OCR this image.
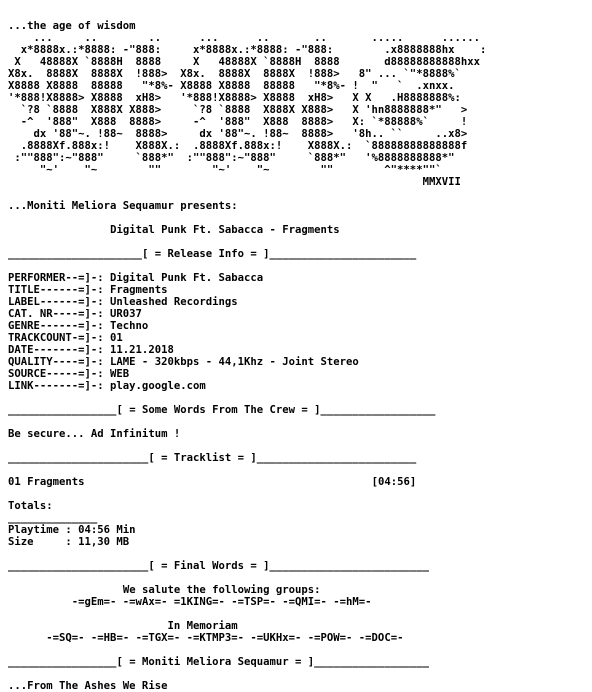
...the age of wisdom
...     ..        ..      ...      ..       ..       .....      ......
x*8888x.:*8888: -"888:     x*8888x.:*8888: -"888:        .x8888888hx    :
X   48888X `8888H  8888     X   48888X `8888H  8888       d88888888888hxx
X8x.  8888X  8888X  !888>  X8x.  8888X  8888X  !888>   8" ... `"*8888%`
X8888 X8888  88888   "*8%- X8888 X8888  88888   "*8%- !  "   `  .xnxx.
'*888!X8888> X8888  xH8>   '*888!X8888> X8888  xH8>   X X   .H8888888%:
`?8 `8888  X888X X888>     `?8 `8888  X888X X888>   X 'hn8888888*"   >
-^  '888"  X888  8888>     -^  '888"  X888  8888>   X: `*88888%`     !
dx '88"~. !88~  8888>     dx '88"~. !88~  8888>   '8h.. ``     ..x8>
.8888Xf.888x:!    X888X.:  .8888Xf.888x:!    X888X.:  `88888888888888f
:""888":~"888"     `888*"  :""888":~"888"     `888*"   '%8888888888*"
"~'    "~        ""        "~'    "~        ""        ^"****""`
MMXVII

...Moniti Meliora Sequamur presents:

Digital Punk Ft. Sabacca - Fragments

_____________________[ = Release Info = ]_______________________

PERFORMER--=]-: Digital Punk Ft. Sabacca
TITLE------=]-: Fragments
LABEL------=]-: Unleashed Recordings
CAT. NR----=]-: UR037
GENRE------=]-: Techno
TRACKCOUNT-=]-: 01
DATE-------=]-: 11.21.2018
QUALITY----=]-: LAME - 320kbps - 44,1Khz - Joint Stereo
SOURCE-----=]-: WEB
LINK-------=]-: play.google.com

_________________[ = Some Words From The Crew = ]__________________

Be secure... Ad Infinitum !

______________________[ = Tracklist = ]_________________________

01 Fragments	[04:56]

Totals:
______________
Playtime : 04:56 Min
Size     : 11,30 MB

______________________[ = Final Words = ]_________________________

We salute the following groups:
-=gEm=- -=wAx=- =1KING=- -=TSP=- -=QMI=- -=hM=-

In Memoriam
-=SQ=- -=HB=- -=TGX=- -=KTMP3=- -=UKHx=- -=POW=- -=DOC=-

_________________[ = Moniti Meliora Sequamur = ]__________________

...From The Ashes We Rise
